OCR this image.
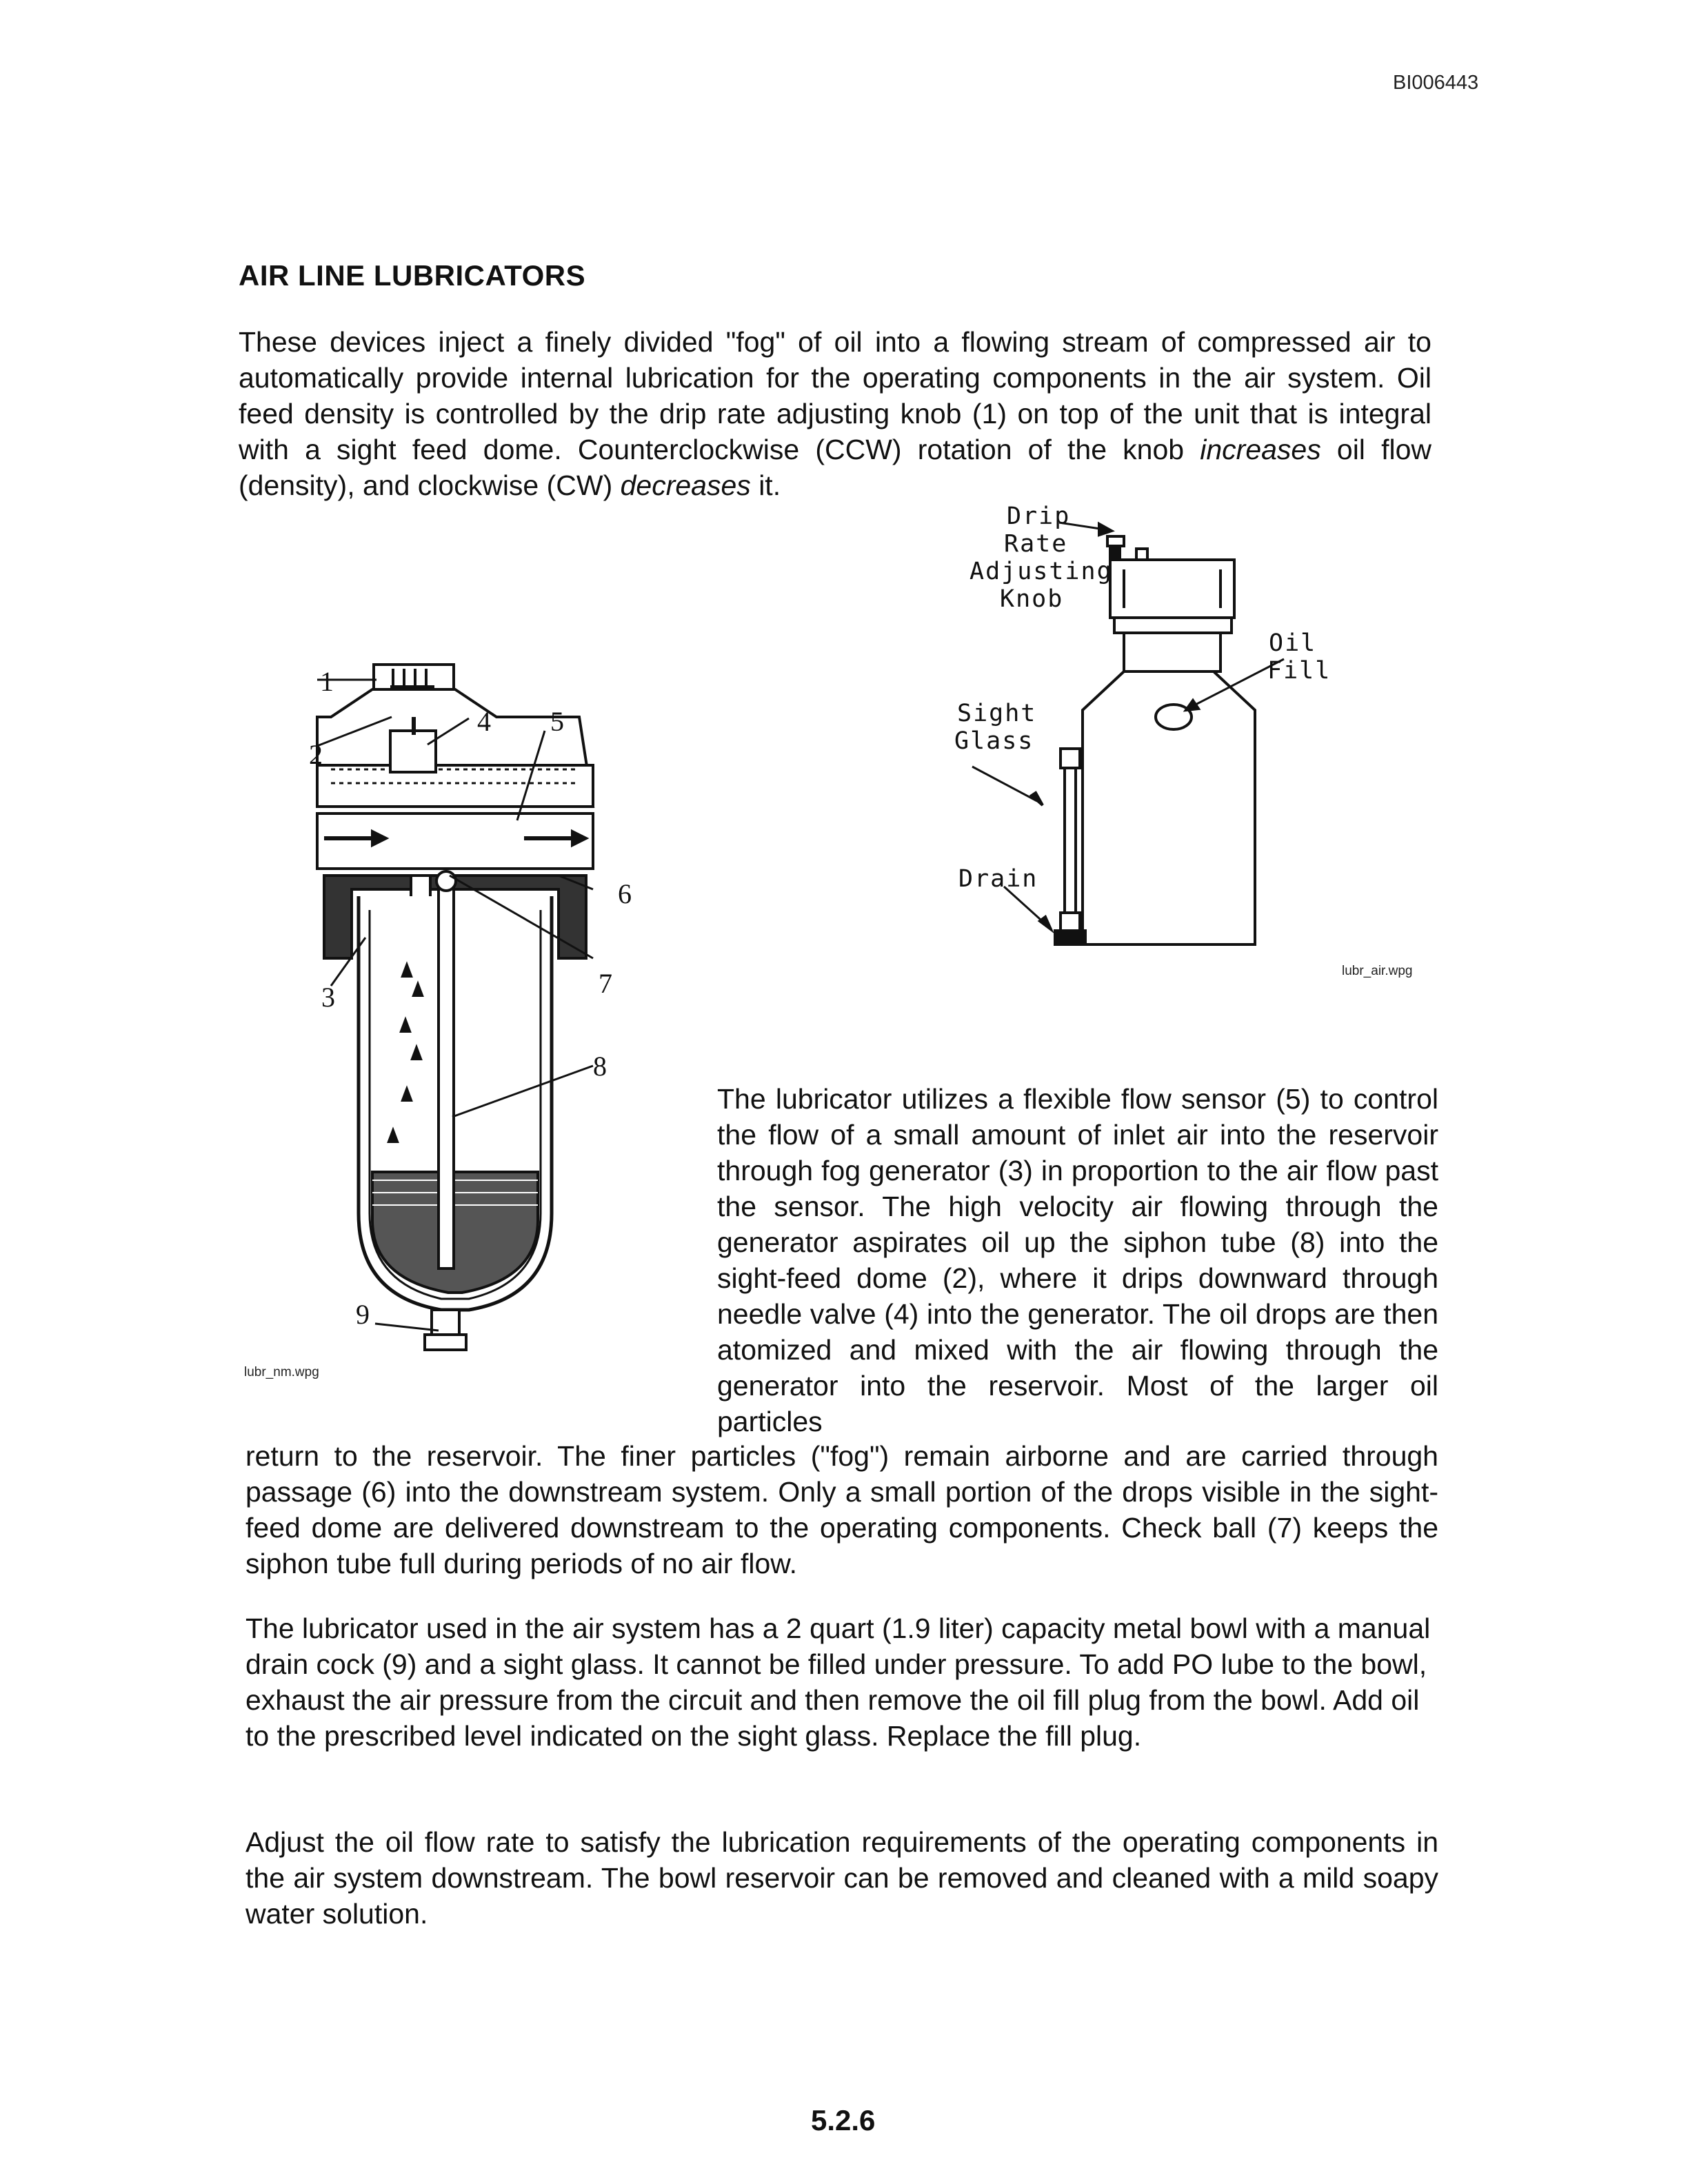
BI006443
AIR LINE LUBRICATORS

These devices inject a finely divided "fog" of oil into a flowing stream of compressed air to automatically provide internal lubrication for the operating components in the air system. Oil feed density is controlled by the drip rate adjusting knob (1) on top of the unit that is integral with a sight feed dome. Counterclockwise (CCW) rotation of the knob increases oil flow (density), and clockwise (CW) decreases it.

1
2
3
4 5
6
7
8
9
lubr_nm.wpg
Drip
Rate
Adjusting
Knob
Oil
Fill
Sight
Glass
Drain
lubr_air.wpg

The lubricator utilizes a flexible flow sensor (5) to control the flow of a small amount of inlet air into the reservoir through fog generator (3) in proportion to the air flow past the sensor. The high velocity air flowing through the generator aspirates oil up the siphon tube (8) into the sight-feed dome (2), where it drips downward through needle valve (4) into the generator. The oil drops are then atomized and mixed with the air flowing through the generator into the reservoir. Most of the larger oil particles

return to the reservoir. The finer particles ("fog") remain airborne and are carried through passage (6) into the downstream system. Only a small portion of the drops visible in the sight-feed dome are delivered downstream to the operating components. Check ball (7) keeps the siphon tube full during periods of no air flow.

The lubricator used in the air system has a 2 quart (1.9 liter) capacity metal bowl with a manual drain cock (9) and a sight glass. It cannot be filled under pressure. To add PO lube to the bowl, exhaust the air pressure from the circuit and then remove the oil fill plug from the bowl. Add oil to the prescribed level indicated on the sight glass. Replace the fill plug.

Adjust the oil flow rate to satisfy the lubrication requirements of the operating components in the air system downstream. The bowl reservoir can be removed and cleaned with a mild soapy water solution.

5.2.6
